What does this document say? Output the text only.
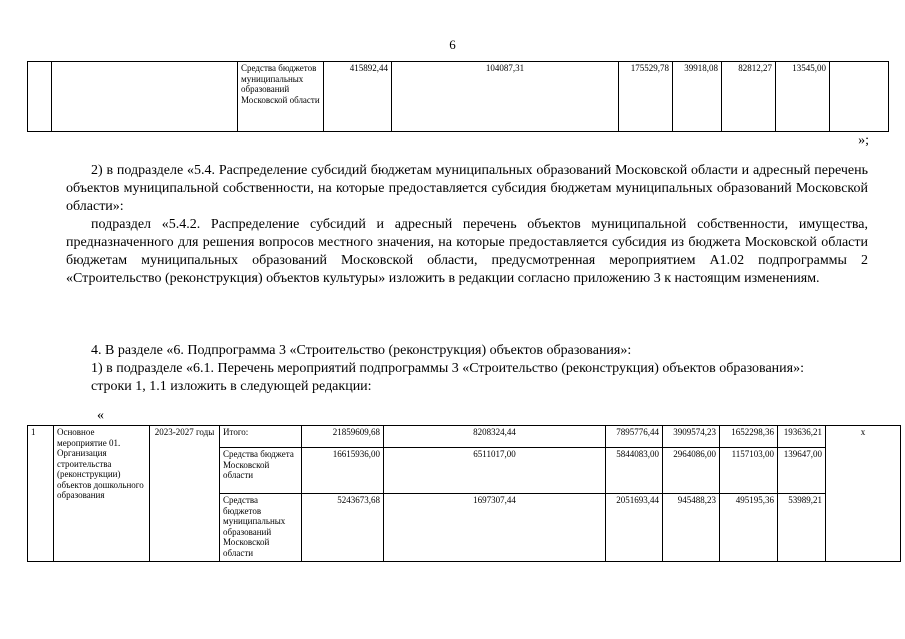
6
		Средства бюджетов муниципальных образований Московской области	415892,44	104087,31	175529,78	39918,08	82812,27	13545,00	
»;

2) в подразделе «5.4. Распределение субсидий бюджетам муниципальных образований Московской области и адресный перечень объектов муниципальной собственности, на которые предоставляется субсидия бюджетам муниципальных образований Московской области»:

подраздел «5.4.2. Распределение субсидий и адресный перечень объектов муниципальной собственности, имущества, предназначенного для решения вопросов местного значения, на которые предоставляется субсидия из бюджета Московской области бюджетам муниципальных образований Московской области, предусмотренная мероприятием А1.02 подпрограммы 2 «Строительство (реконструкция) объектов культуры» изложить в редакции согласно приложению 3 к настоящим изменениям.

4. В разделе «6. Подпрограмма 3 «Строительство (реконструкция) объектов образования»:

1) в подразделе «6.1. Перечень мероприятий подпрограммы 3 «Строительство (реконструкция) объектов образования»:

строки 1, 1.1 изложить в следующей редакции:

«
1	Основное мероприятие 01. Организация строительства (реконструкции) объектов дошкольного образования	2023-2027 годы	Итого:	21859609,68	8208324,44	7895776,44	3909574,23	1652298,36	193636,21	x
			Средства бюджета Московской области	16615936,00	6511017,00	5844083,00	2964086,00	1157103,00	139647,00	
			Средства бюджетов муниципальных образований Московской области	5243673,68	1697307,44	2051693,44	945488,23	495195,36	53989,21	
